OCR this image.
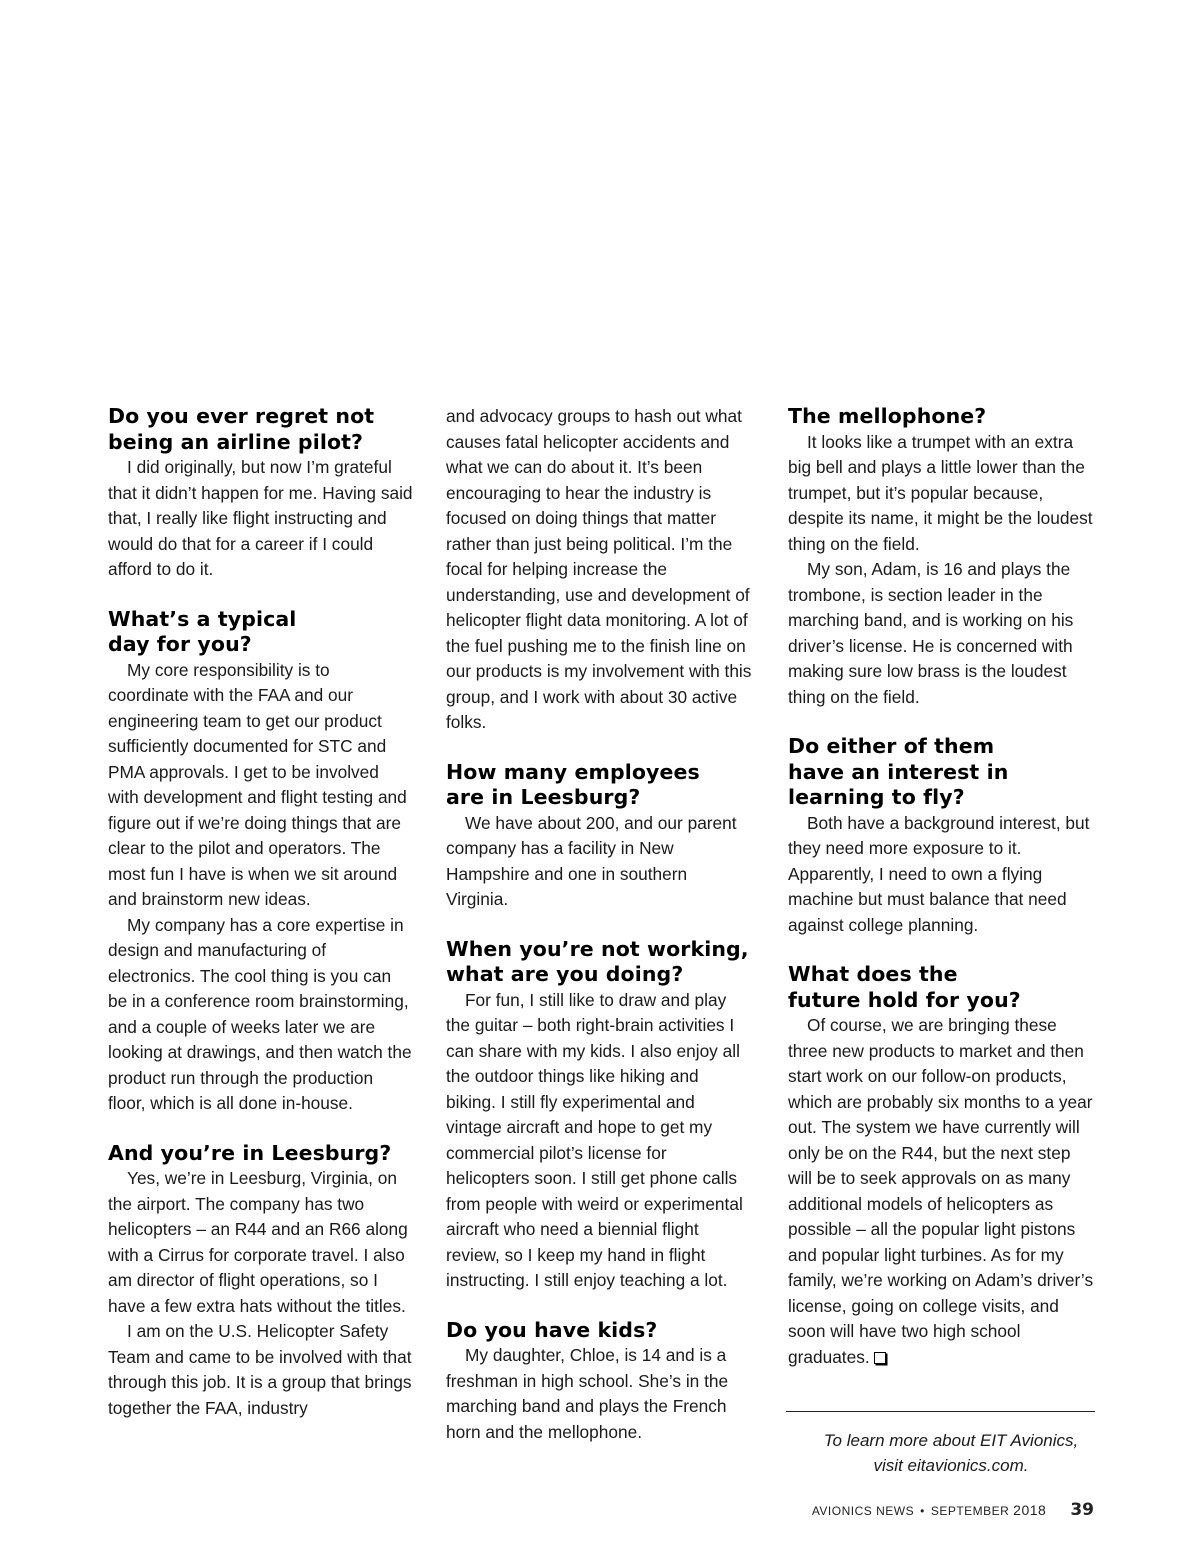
Do you ever regret not
being an airline pilot?

I did originally, but now I’m grateful that it didn’t happen for me. Having said that, I really like flight instructing and would do that for a career if I could afford to do it.

What’s a typical
day for you?

My core responsibility is to coordinate with the FAA and our engineering team to get our product sufficiently documented for STC and PMA approvals. I get to be involved with development and flight testing and figure out if we’re doing things that are clear to the pilot and operators. The most fun I have is when we sit around and brainstorm new ideas.

My company has a core expertise in design and manufacturing of electronics. The cool thing is you can be in a conference room brainstorming, and a couple of weeks later we are looking at drawings, and then watch the product run through the production floor, which is all done in-house.

And you’re in Leesburg?

Yes, we’re in Leesburg, Virginia, on the airport. The company has two helicopters – an R44 and an R66 along with a Cirrus for corporate travel. I also am director of flight operations, so I have a few extra hats without the titles.

I am on the U.S. Helicopter Safety Team and came to be involved with that through this job. It is a group that brings together the FAA, industry

and advocacy groups to hash out what causes fatal helicopter accidents and what we can do about it. It’s been encouraging to hear the industry is focused on doing things that matter rather than just being political. I’m the focal for helping increase the understanding, use and development of helicopter flight data monitoring. A lot of the fuel pushing me to the finish line on our products is my involvement with this group, and I work with about 30 active folks.

How many employees
are in Leesburg?

We have about 200, and our parent company has a facility in New Hampshire and one in southern Virginia.

When you’re not working,
what are you doing?

For fun, I still like to draw and play the guitar – both right-brain activities I can share with my kids. I also enjoy all the outdoor things like hiking and biking. I still fly experimental and vintage aircraft and hope to get my commercial pilot’s license for helicopters soon. I still get phone calls from people with weird or experimental aircraft who need a biennial flight review, so I keep my hand in flight instructing. I still enjoy teaching a lot.

Do you have kids?

My daughter, Chloe, is 14 and is a freshman in high school. She’s in the marching band and plays the French horn and the mellophone.

The mellophone?

It looks like a trumpet with an extra big bell and plays a little lower than the trumpet, but it’s popular because, despite its name, it might be the loudest thing on the field.

My son, Adam, is 16 and plays the trombone, is section leader in the marching band, and is working on his driver’s license. He is concerned with making sure low brass is the loudest thing on the field.

Do either of them
have an interest in
learning to fly?

Both have a background interest, but they need more exposure to it. Apparently, I need to own a flying machine but must balance that need against college planning.

What does the
future hold for you?

Of course, we are bringing these three new products to market and then start work on our follow-on products, which are probably six months to a year out. The system we have currently will only be on the R44, but the next step will be to seek approvals on as many additional models of helicopters as possible – all the popular light pistons and popular light turbines. As for my family, we’re working on Adam’s driver’s license, going on college visits, and soon will have two high school graduates.

To learn more about EIT Avionics,
visit eitavionics.com.
AVIONICS NEWS • SEPTEMBER 2018 39
